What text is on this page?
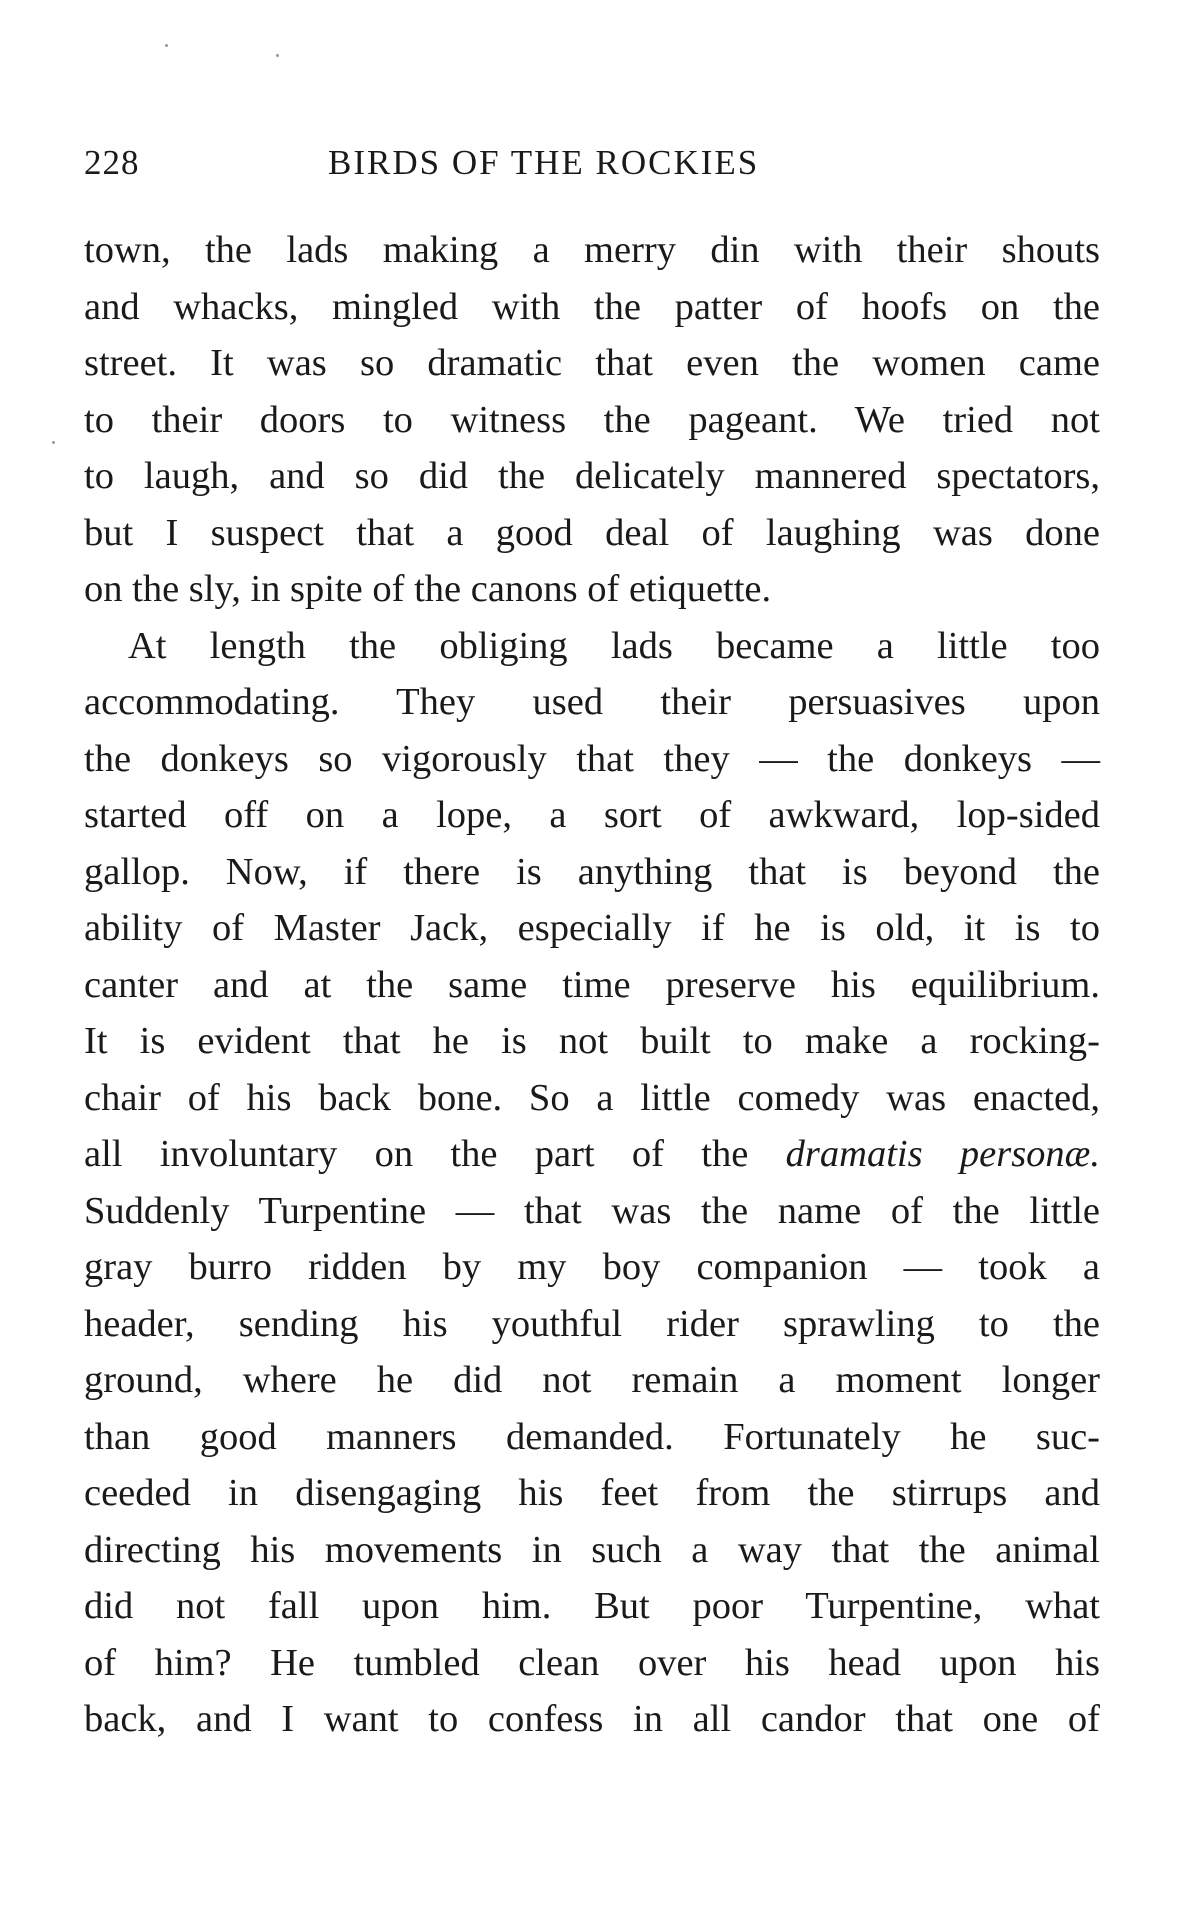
228	BIRDS OF THE ROCKIES
town, the lads making a merry din with their shouts
and whacks, mingled with the patter of hoofs on the
street. It was so dramatic that even the women came
to their doors to witness the pageant. We tried not
to laugh, and so did the delicately mannered spectators,
but I suspect that a good deal of laughing was done
on the sly, in spite of the canons of etiquette.
At length the obliging lads became a little too
accommodating. They used their persuasives upon
the donkeys so vigorously that they — the donkeys —
started off on a lope, a sort of awkward, lop-sided
gallop. Now, if there is anything that is beyond the
ability of Master Jack, especially if he is old, it is to
canter and at the same time preserve his equilibrium.
It is evident that he is not built to make a rocking-
chair of his back bone. So a little comedy was enacted,
all involuntary on the part of the dramatis personæ.
Suddenly Turpentine — that was the name of the little
gray burro ridden by my boy companion — took a
header, sending his youthful rider sprawling to the
ground, where he did not remain a moment longer
than good manners demanded. Fortunately he suc-
ceeded in disengaging his feet from the stirrups and
directing his movements in such a way that the animal
did not fall upon him. But poor Turpentine, what
of him? He tumbled clean over his head upon his
back, and I want to confess in all candor that one of
